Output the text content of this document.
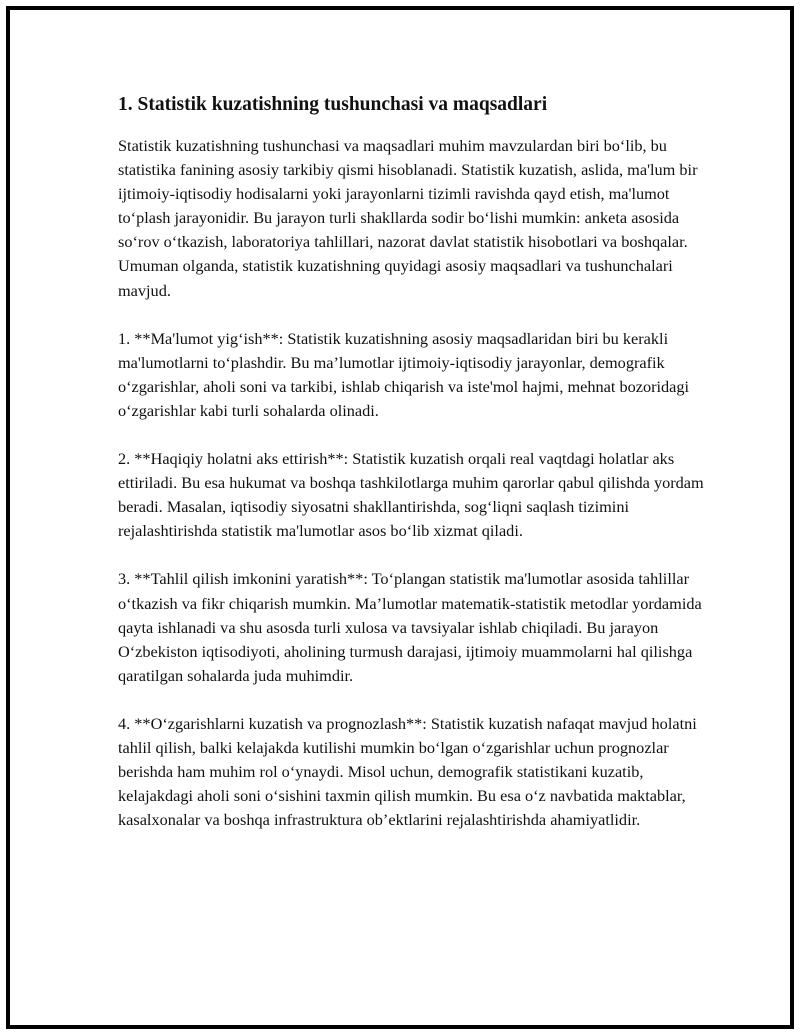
1. Statistik kuzatishning tushunchasi va maqsadlari

Statistik kuzatishning tushunchasi va maqsadlari muhim mavzulardan biri bo‘lib, bu statistika fanining asosiy tarkibiy qismi hisoblanadi. Statistik kuzatish, aslida, ma'lum bir ijtimoiy-iqtisodiy hodisalarni yoki jarayonlarni tizimli ravishda qayd etish, ma'lumot to‘plash jarayonidir. Bu jarayon turli shakllarda sodir bo‘lishi mumkin: anketa asosida so‘rov o‘tkazish, laboratoriya tahlillari, nazorat davlat statistik hisobotlari va boshqalar. Umuman olganda, statistik kuzatishning quyidagi asosiy maqsadlari va tushunchalari mavjud.

1. **Ma'lumot yig‘ish**: Statistik kuzatishning asosiy maqsadlaridan biri bu kerakli ma'lumotlarni to‘plashdir. Bu ma’lumotlar ijtimoiy-iqtisodiy jarayonlar, demografik o‘zgarishlar, aholi soni va tarkibi, ishlab chiqarish va iste'mol hajmi, mehnat bozoridagi o‘zgarishlar kabi turli sohalarda olinadi.

2. **Haqiqiy holatni aks ettirish**: Statistik kuzatish orqali real vaqtdagi holatlar aks ettiriladi. Bu esa hukumat va boshqa tashkilotlarga muhim qarorlar qabul qilishda yordam beradi. Masalan, iqtisodiy siyosatni shakllantirishda, sog‘liqni saqlash tizimini rejalashtirishda statistik ma'lumotlar asos bo‘lib xizmat qiladi.

3. **Tahlil qilish imkonini yaratish**: To‘plangan statistik ma'lumotlar asosida tahlillar o‘tkazish va fikr chiqarish mumkin. Ma’lumotlar matematik-statistik metodlar yordamida qayta ishlanadi va shu asosda turli xulosa va tavsiyalar ishlab chiqiladi. Bu jarayon O‘zbekiston iqtisodiyoti, aholining turmush darajasi, ijtimoiy muammolarni hal qilishga qaratilgan sohalarda juda muhimdir.

4. **O‘zgarishlarni kuzatish va prognozlash**: Statistik kuzatish nafaqat mavjud holatni tahlil qilish, balki kelajakda kutilishi mumkin bo‘lgan o‘zgarishlar uchun prognozlar berishda ham muhim rol o‘ynaydi. Misol uchun, demografik statistikani kuzatib, kelajakdagi aholi soni o‘sishini taxmin qilish mumkin. Bu esa o‘z navbatida maktablar, kasalxonalar va boshqa infrastruktura ob’ektlarini rejalashtirishda ahamiyatlidir.
